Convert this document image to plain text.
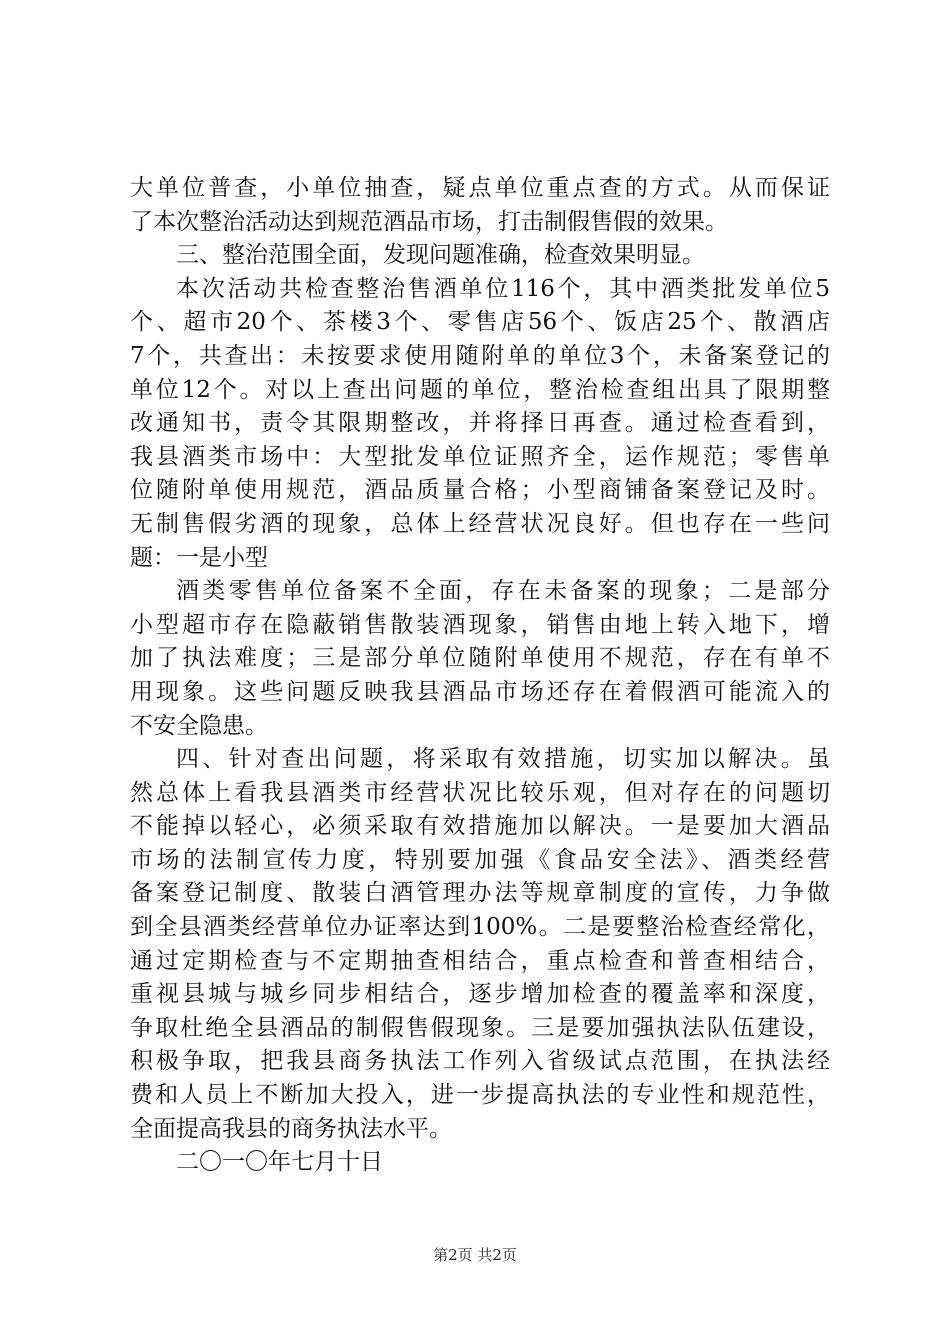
大单位普查，小单位抽查，疑点单位重点查的方式。从而保证
了本次整治活动达到规范酒品市场，打击制假售假的效果。
三、整治范围全面，发现问题准确，检查效果明显。
本次活动共检查整治售酒单位116个，其中酒类批发单位5
个、超市20个、茶楼3个、零售店56个、饭店25个、散酒店
7个，共查出：未按要求使用随附单的单位3个，未备案登记的
单位12个。对以上查出问题的单位，整治检查组出具了限期整
改通知书，责令其限期整改，并将择日再查。通过检查看到，
我县酒类市场中：大型批发单位证照齐全，运作规范；零售单
位随附单使用规范，酒品质量合格；小型商铺备案登记及时。
无制售假劣酒的现象，总体上经营状况良好。但也存在一些问
题：一是小型
酒类零售单位备案不全面，存在未备案的现象；二是部分
小型超市存在隐蔽销售散装酒现象，销售由地上转入地下，增
加了执法难度；三是部分单位随附单使用不规范，存在有单不
用现象。这些问题反映我县酒品市场还存在着假酒可能流入的
不安全隐患。
四、针对查出问题，将采取有效措施，切实加以解决。虽
然总体上看我县酒类市经营状况比较乐观，但对存在的问题切
不能掉以轻心，必须采取有效措施加以解决。一是要加大酒品
市场的法制宣传力度，特别要加强《食品安全法》、酒类经营
备案登记制度、散装白酒管理办法等规章制度的宣传，力争做
到全县酒类经营单位办证率达到100%。二是要整治检查经常化，
通过定期检查与不定期抽查相结合，重点检查和普查相结合，
重视县城与城乡同步相结合，逐步增加检查的覆盖率和深度，
争取杜绝全县酒品的制假售假现象。三是要加强执法队伍建设，
积极争取，把我县商务执法工作列入省级试点范围，在执法经
费和人员上不断加大投入，进一步提高执法的专业性和规范性，
全面提高我县的商务执法水平。
二〇一〇年七月十日
第2页 共2页
